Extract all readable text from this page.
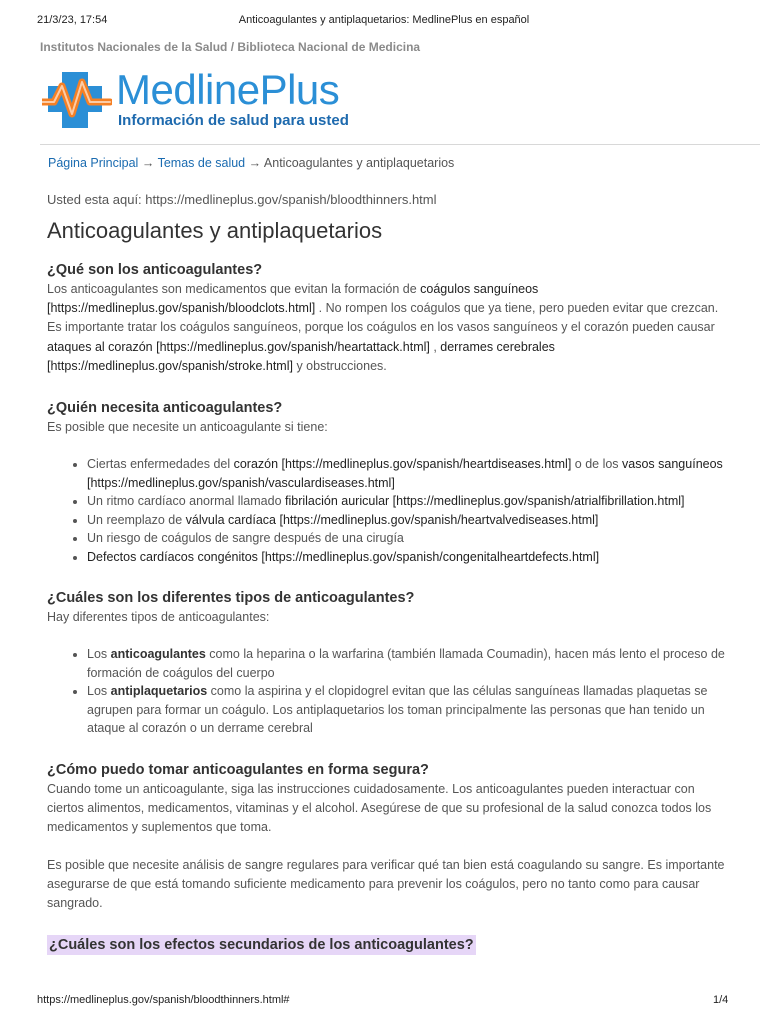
21/3/23, 17:54	Anticoagulantes y antiplaquetarios: MedlinePlus en español
Institutos Nacionales de la Salud / Biblioteca Nacional de Medicina
MedlinePlus
Información de salud para usted
Página Principal → Temas de salud → Anticoagulantes y antiplaquetarios

Usted esta aquí: https://medlineplus.gov/spanish/bloodthinners.html

Anticoagulantes y antiplaquetarios
¿Qué son los anticoagulantes?

Los anticoagulantes son medicamentos que evitan la formación de coágulos sanguíneos [https://medlineplus.gov/spanish/bloodclots.html] . No rompen los coágulos que ya tiene, pero pueden evitar que crezcan. Es importante tratar los coágulos sanguíneos, porque los coágulos en los vasos sanguíneos y el corazón pueden causar ataques al corazón [https://medlineplus.gov/spanish/heartattack.html] , derrames cerebrales [https://medlineplus.gov/spanish/stroke.html] y obstrucciones.

¿Quién necesita anticoagulantes?

Es posible que necesite un anticoagulante si tiene:

• Ciertas enfermedades del corazón [https://medlineplus.gov/spanish/heartdiseases.html] o de los vasos sanguíneos [https://medlineplus.gov/spanish/vasculardiseases.html]
• Un ritmo cardíaco anormal llamado fibrilación auricular [https://medlineplus.gov/spanish/atrialfibrillation.html]
• Un reemplazo de válvula cardíaca [https://medlineplus.gov/spanish/heartvalvediseases.html]
• Un riesgo de coágulos de sangre después de una cirugía
• Defectos cardíacos congénitos [https://medlineplus.gov/spanish/congenitalheartdefects.html]
¿Cuáles son los diferentes tipos de anticoagulantes?

Hay diferentes tipos de anticoagulantes:

• Los anticoagulantes como la heparina o la warfarina (también llamada Coumadin), hacen más lento el proceso de formación de coágulos del cuerpo
• Los antiplaquetarios como la aspirina y el clopidogrel evitan que las células sanguíneas llamadas plaquetas se agrupen para formar un coágulo. Los antiplaquetarios los toman principalmente las personas que han tenido un ataque al corazón o un derrame cerebral
¿Cómo puedo tomar anticoagulantes en forma segura?

Cuando tome un anticoagulante, siga las instrucciones cuidadosamente. Los anticoagulantes pueden interactuar con ciertos alimentos, medicamentos, vitaminas y el alcohol. Asegúrese de que su profesional de la salud conozca todos los medicamentos y suplementos que toma.

Es posible que necesite análisis de sangre regulares para verificar qué tan bien está coagulando su sangre. Es importante asegurarse de que está tomando suficiente medicamento para prevenir los coágulos, pero no tanto como para causar sangrado.

¿Cuáles son los efectos secundarios de los anticoagulantes?
https://medlineplus.gov/spanish/bloodthinners.html#	1/4
